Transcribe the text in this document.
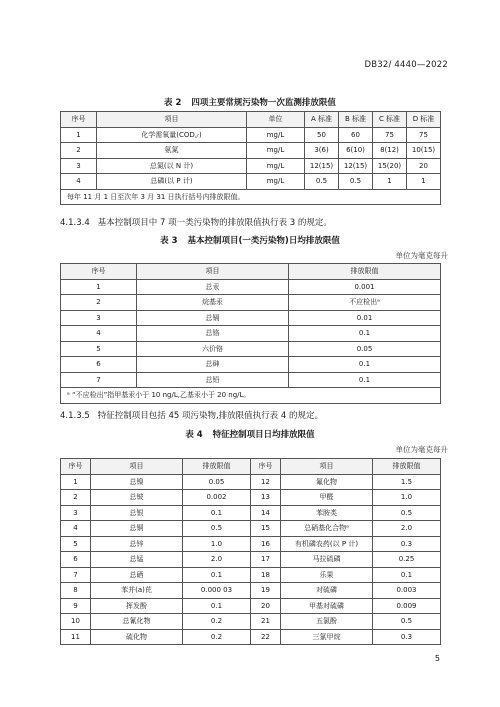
DB32/ 4440—2022
表 2 四项主要常规污染物一次监测排放限值
序号	项目	单位	A 标准	B 标准	C 标准	D 标准
1	化学需氧量(COD꜀ᵣ)	mg/L	50	60	75	75
2	氨氮	mg/L	3(6)	6(10)	8(12)	10(15)
3	总氮(以 N 计)	mg/L	12(15)	12(15)	15(20)	20
4	总磷(以 P 计)	mg/L	0.5	0.5	1	1
每年 11 月 1 日至次年 3 月 31 日执行括号内排放限值。						
4.1.3.4 基本控制项目中 7 项一类污染物的排放限值执行表 3 的规定。
表 3 基本控制项目(一类污染物)日均排放限值
单位为毫克每升
序号	项目	排放限值
1	总汞	0.001
2	烷基汞	不应检出ᵃ
3	总镉	0.01
4	总铬	0.1
5	六价铬	0.05
6	总砷	0.1
7	总铅	0.1
ᵃ “不应检出”指甲基汞小于 10 ng/L,乙基汞小于 20 ng/L。		
4.1.3.5 特征控制项目包括 45 项污染物,排放限值执行表 4 的规定。
表 4 特征控制项目日均排放限值
单位为毫克每升
序号	项目	排放限值	序号	项目	排放限值
1	总镍	0.05	12	氟化物	1.5
2	总铍	0.002	13	甲醛	1.0
3	总银	0.1	14	苯胺类	0.5
4	总铜	0.5	15	总硝基化合物ᵃ	2.0
5	总锌	1.0	16	有机磷农药(以 P 计)	0.3
6	总锰	2.0	17	马拉硫磷	0.25
7	总硒	0.1	18	乐果	0.1
8	苯并(a)芘	0.000 03	19	对硫磷	0.003
9	挥发酚	0.1	20	甲基对硫磷	0.009
10	总氰化物	0.2	21	五氯酚	0.5
11	硫化物	0.2	22	三氯甲烷	0.3
5
